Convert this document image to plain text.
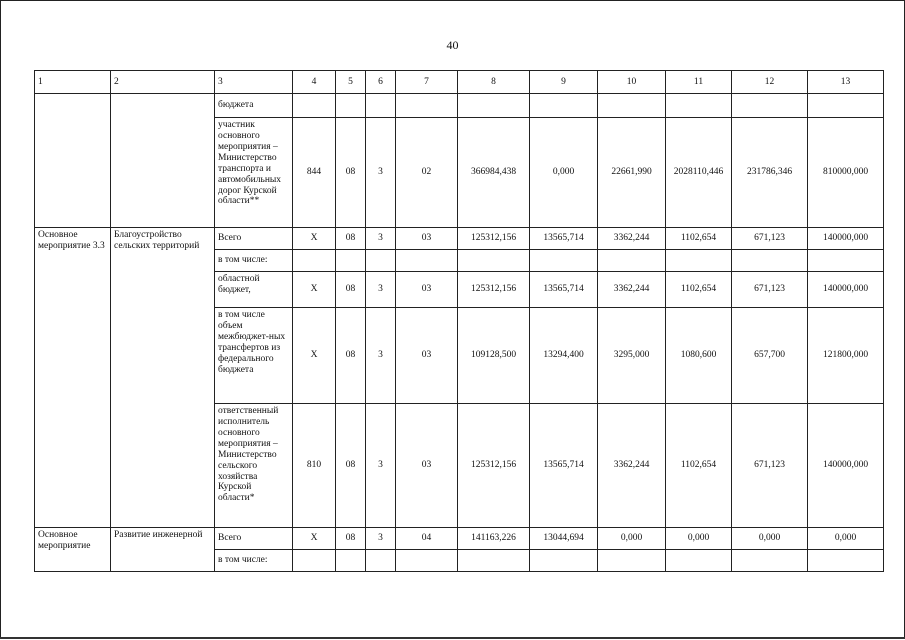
40
1	2	3	4	5	6	7	8	9	10	11	12	13
		бюджета										
		участник основного мероприятия – Министерство транспорта и автомобильных дорог Курской области**	844	08	3	02	366984,438	0,000	22661,990	2028110,446	231786,346	810000,000
Основное мероприятие 3.3	Благоустройство сельских территорий	Всего	Х	08	3	03	125312,156	13565,714	3362,244	1102,654	671,123	140000,000
		в том числе:										
		областной бюджет,	Х	08	3	03	125312,156	13565,714	3362,244	1102,654	671,123	140000,000
		в том числе объем межбюджет-ных трансфертов из федерального бюджета	Х	08	3	03	109128,500	13294,400	3295,000	1080,600	657,700	121800,000
		ответственный исполнитель основного мероприятия – Министерство сельского хозяйства Курской области*	810	08	3	03	125312,156	13565,714	3362,244	1102,654	671,123	140000,000
Основное мероприятие	Развитие инженерной	Всего	Х	08	3	04	141163,226	13044,694	0,000	0,000	0,000	0,000
		в том числе:										
